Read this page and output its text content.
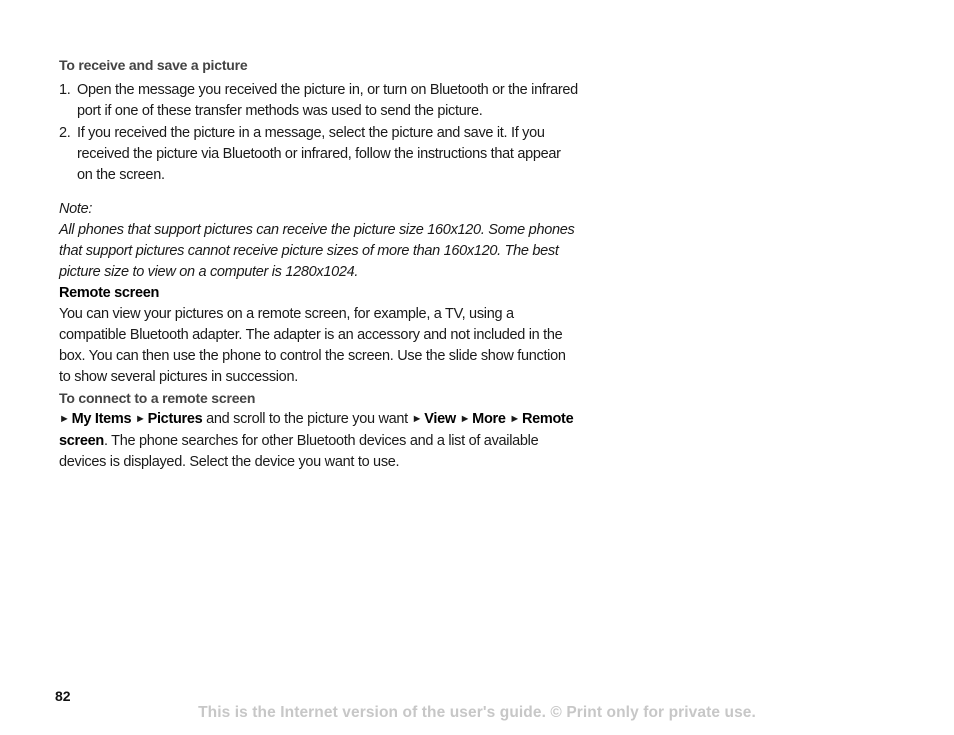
To receive and save a picture

1. Open the message you received the picture in, or turn on Bluetooth or the infrared port if one of these transfer methods was used to send the picture.
2. If you received the picture in a message, select the picture and save it. If you received the picture via Bluetooth or infrared, follow the instructions that appear on the screen.

Note:

All phones that support pictures can receive the picture size 160x120. Some phones that support pictures cannot receive picture sizes of more than 160x120. The best picture size to view on a computer is 1280x1024.

Remote screen

You can view your pictures on a remote screen, for example, a TV, using a compatible Bluetooth adapter. The adapter is an accessory and not included in the box. You can then use the phone to control the screen. Use the slide show function to show several pictures in succession.

To connect to a remote screen

► My Items ► Pictures and scroll to the picture you want ► View ► More ► Remote screen. The phone searches for other Bluetooth devices and a list of available devices is displayed. Select the device you want to use.

82
This is the Internet version of the user's guide. © Print only for private use.
